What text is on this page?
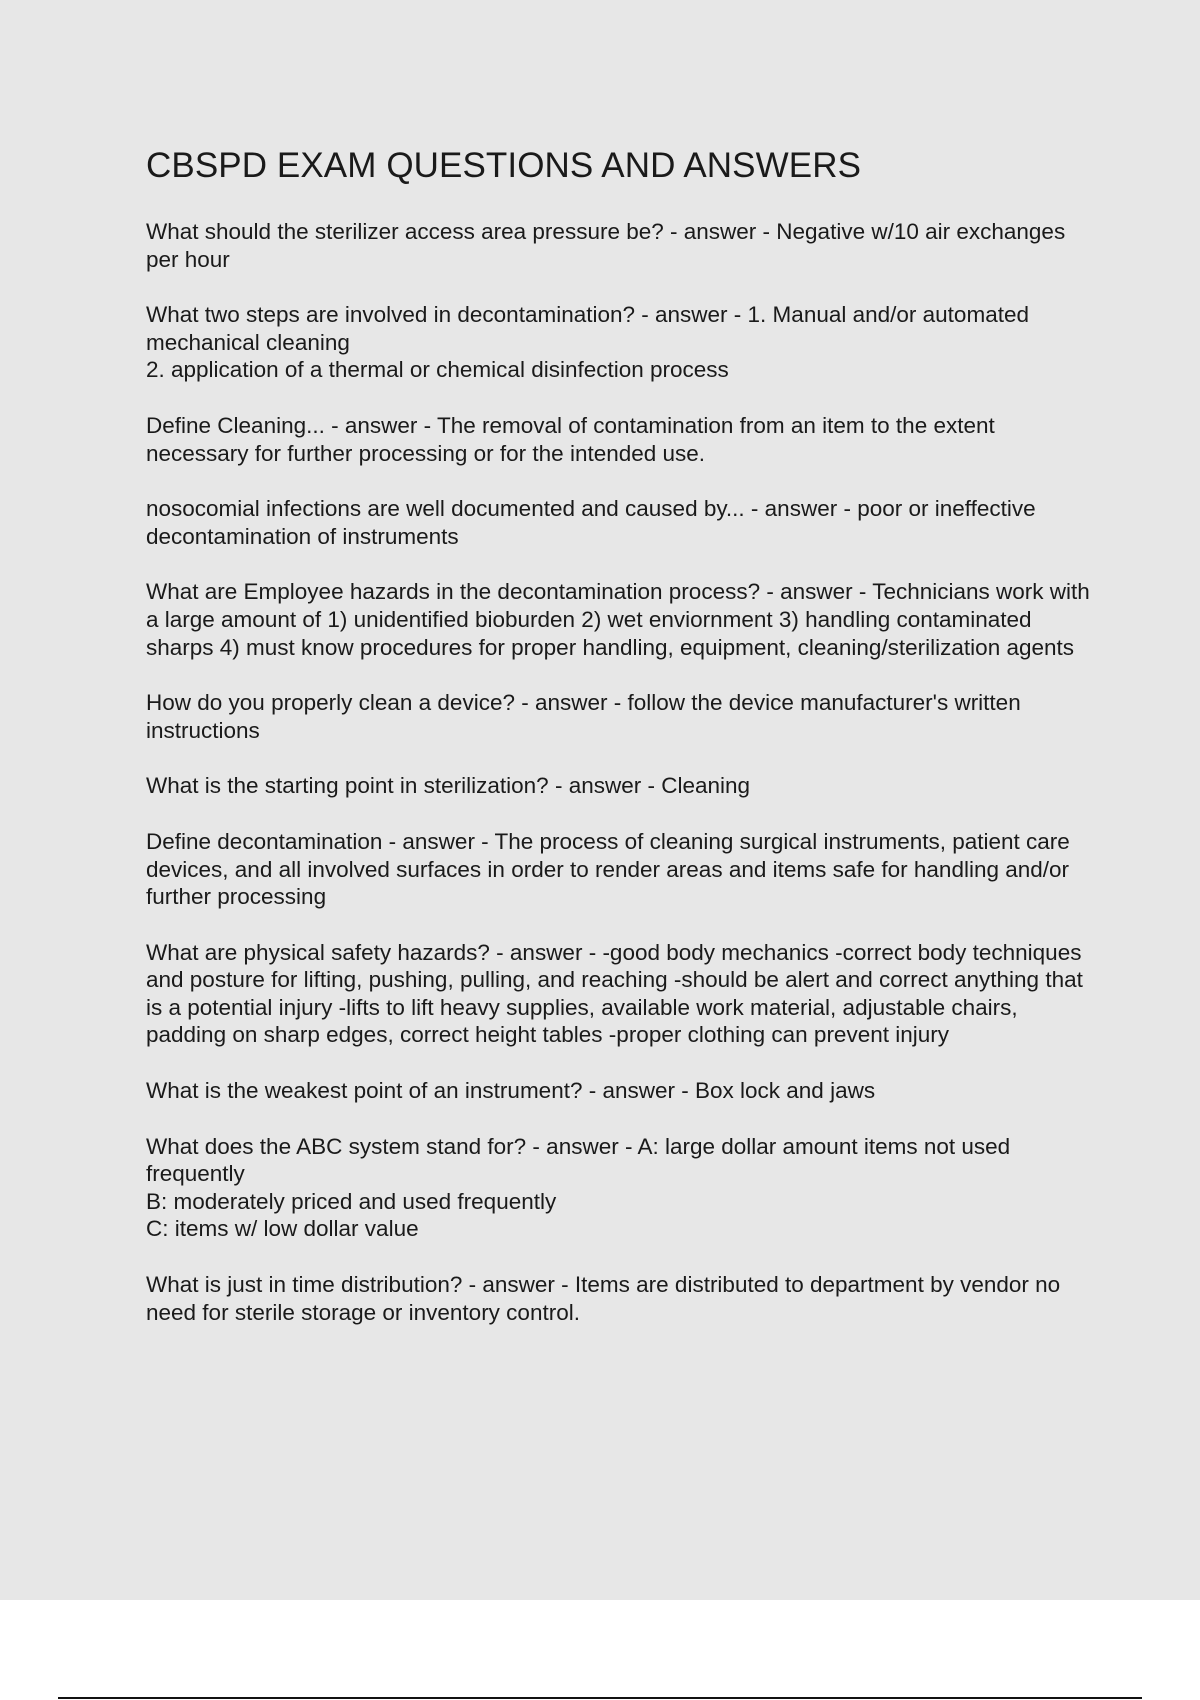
CBSPD EXAM QUESTIONS AND ANSWERS

What should the sterilizer access area pressure be? - answer - Negative w/10 air exchanges per hour

What two steps are involved in decontamination? - answer - 1. Manual and/or automated mechanical cleaning
2. application of a thermal or chemical disinfection process

Define Cleaning... - answer - The removal of contamination from an item to the extent necessary for further processing or for the intended use.

nosocomial infections are well documented and caused by... - answer - poor or ineffective decontamination of instruments

What are Employee hazards in the decontamination process? - answer - Technicians work with a large amount of 1) unidentified bioburden 2) wet enviornment 3) handling contaminated sharps 4) must know procedures for proper handling, equipment, cleaning/sterilization agents

How do you properly clean a device? - answer - follow the device manufacturer's written instructions

What is the starting point in sterilization? - answer - Cleaning

Define decontamination - answer - The process of cleaning surgical instruments, patient care devices, and all involved surfaces in order to render areas and items safe for handling and/or further processing

What are physical safety hazards? - answer - -good body mechanics -correct body techniques and posture for lifting, pushing, pulling, and reaching -should be alert and correct anything that is a potential injury -lifts to lift heavy supplies, available work material, adjustable chairs, padding on sharp edges, correct height tables -proper clothing can prevent injury

What is the weakest point of an instrument? - answer - Box lock and jaws

What does the ABC system stand for? - answer - A: large dollar amount items not used frequently
B: moderately priced and used frequently
C: items w/ low dollar value

What is just in time distribution? - answer - Items are distributed to department by vendor no need for sterile storage or inventory control.
